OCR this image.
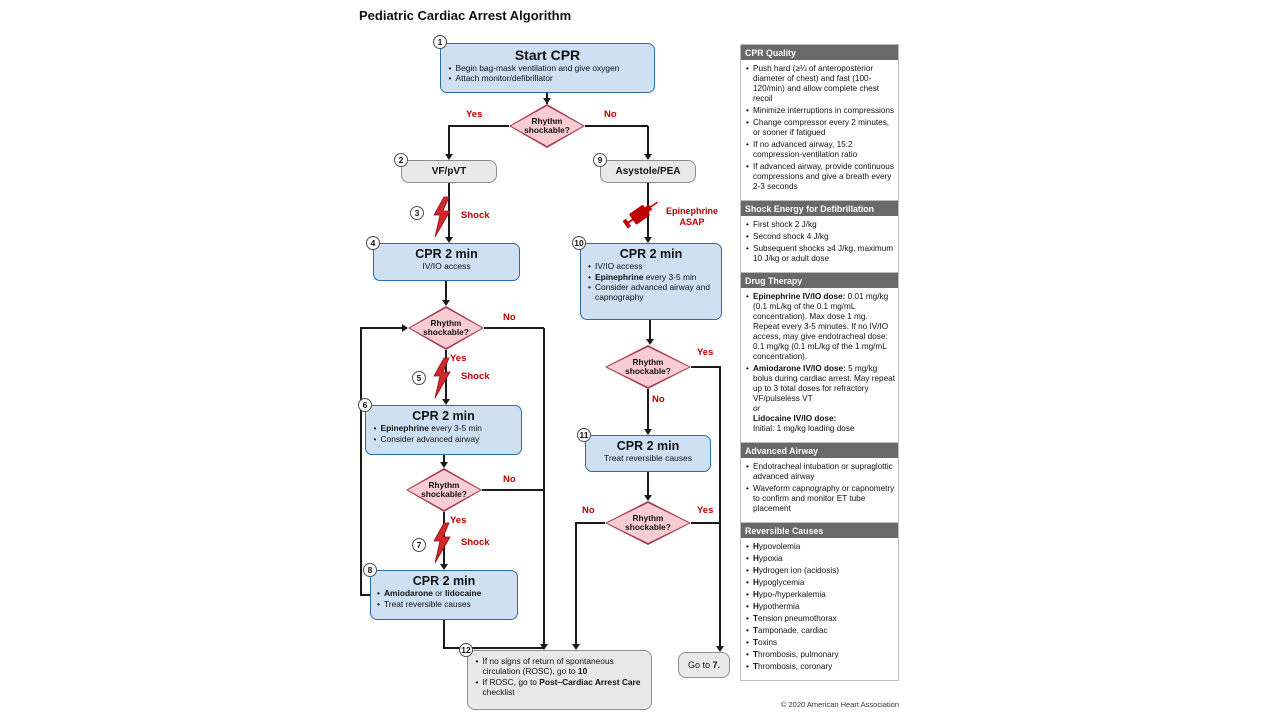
Pediatric Cardiac Arrest Algorithm
Yes	No
No
Yes
No
Yes
Yes
No
No	Yes
Start CPR
• Begin bag-mask ventilation and give oxygen
• Attach monitor/defibrillator
1
Rhythm shockable?
VF/pVT
2
Asystole/PEA
9
Shock
3
CPR 2 min
IV/IO access
4
Rhythm shockable?
Shock
5
CPR 2 min
• Epinephrine every 3-5 min
• Consider advanced airway
6
Rhythm shockable?
Shock
7
CPR 2 min
• Amiodarone or lidocaine
• Treat reversible causes
8
Epinephrine
ASAP
CPR 2 min
• IV/IO access
• Epinephrine every 3-5 min
• Consider advanced airway and capnography
10
Rhythm shockable?
CPR 2 min
Treat reversible causes
11
Rhythm shockable?
• If no signs of return of spontaneous circulation (ROSC), go to 10
• If ROSC, go to Post–Cardiac Arrest Care checklist
12
Go to
7.
CPR Quality
• Push hard (≥⅓ of anteroposterior diameter of chest) and fast (100-120/min) and allow complete chest recoil
• Minimize interruptions in compressions
• Change compressor every 2 minutes, or sooner if fatigued
• If no advanced airway, 15:2 compression-ventilation ratio
• If advanced airway, provide continuous compressions and give a breath every 2-3 seconds
Shock Energy for Defibrillation
• First shock 2 J/kg
• Second shock 4 J/kg
• Subsequent shocks ≥4 J/kg, maximum 10 J/kg or adult dose
Drug Therapy
• Epinephrine IV/IO dose: 0.01 mg/kg (0.1 mL/kg of the 0.1 mg/mL concentration). Max dose 1 mg. Repeat every 3-5 minutes. If no IV/IO access, may give endotracheal dose: 0.1 mg/kg (0.1 mL/kg of the 1 mg/mL concentration).
• Amiodarone IV/IO dose: 5 mg/kg bolus during cardiac arrest. May repeat up to 3 total doses for refractory VF/pulseless VT
or
Lidocaine IV/IO dose:
Initial: 1 mg/kg loading dose
Advanced Airway
• Endotracheal intubation or supraglottic advanced airway
• Waveform capnography or capnometry to confirm and monitor ET tube placement
Reversible Causes
• Hypovolemia
• Hypoxia
• Hydrogen ion (acidosis)
• Hypoglycemia
• Hypo-/hyperkalemia
• Hypothermia
• Tension pneumothorax
• Tamponade, cardiac
• Toxins
• Thrombosis, pulmonary
• Thrombosis, coronary
© 2020 American Heart Association
